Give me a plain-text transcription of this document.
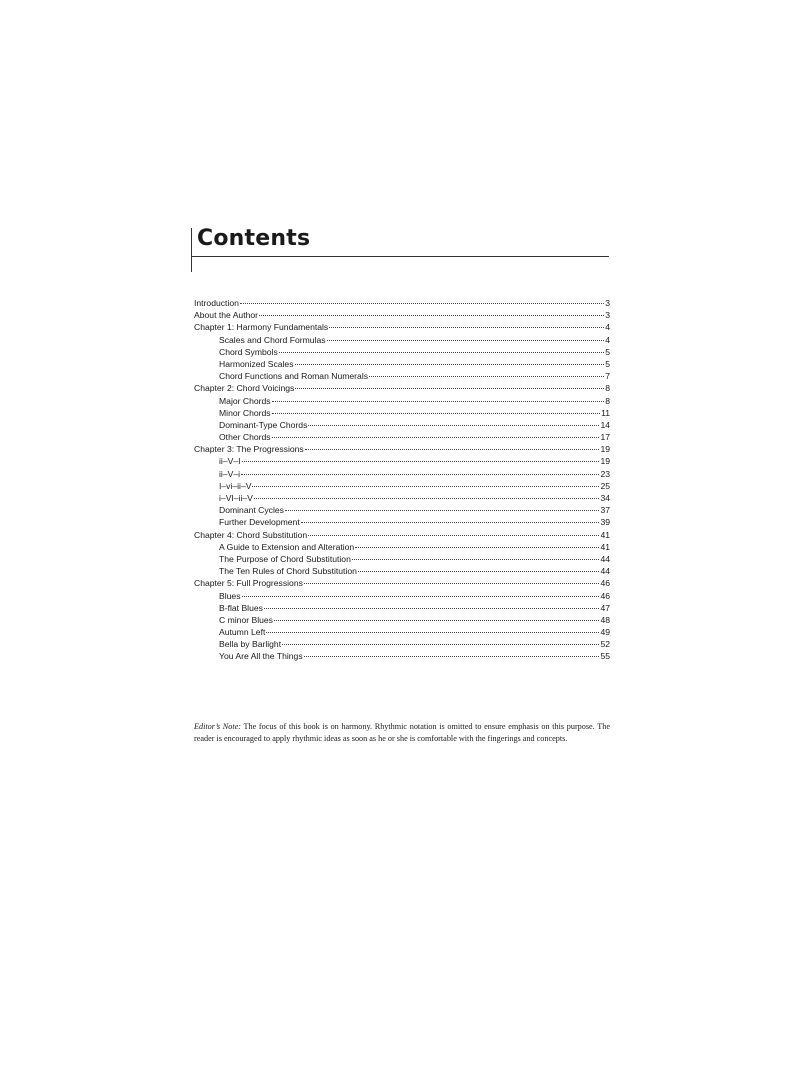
Contents
Introduction	3
About the Author	3
Chapter 1: Harmony Fundamentals	4
Scales and Chord Formulas	4
Chord Symbols	5
Harmonized Scales	5
Chord Functions and Roman Numerals	7
Chapter 2: Chord Voicings	8
Major Chords	8
Minor Chords	11
Dominant-Type Chords	14
Other Chords	17
Chapter 3: The Progressions	19
ii–V–I	19
ii–V–i	23
I–vi–ii–V	25
i–VI–ii–V	34
Dominant Cycles	37
Further Development	39
Chapter 4: Chord Substitution	41
A Guide to Extension and Alteration	41
The Purpose of Chord Substitution	44
The Ten Rules of Chord Substitution	44
Chapter 5: Full Progressions	46
Blues	46
B-flat Blues	47
C minor Blues	48
Autumn Left	49
Bella by Barlight	52
You Are All the Things	55

Editor’s Note: The focus of this book is on harmony. Rhythmic notation is omitted to ensure emphasis on this purpose. The reader is encouraged to apply rhythmic ideas as soon as he or she is comfortable with the fingerings and concepts.
